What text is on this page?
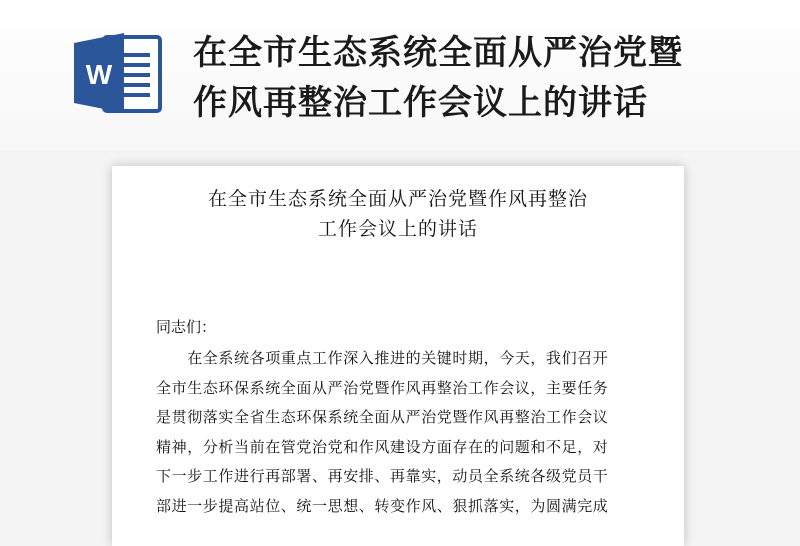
W
在全市生态系统全面从严治党暨
作风再整治工作会议上的讲话
在全市生态系统全面从严治党暨作风再整治
工作会议上的讲话
同志们：
　　在全系统各项重点工作深入推进的关键时期，今天，我们召开
全市生态环保系统全面从严治党暨作风再整治工作会议，主要任务
是贯彻落实全省生态环保系统全面从严治党暨作风再整治工作会议
精神，分析当前在管党治党和作风建设方面存在的问题和不足，对
下一步工作进行再部署、再安排、再靠实，动员全系统各级党员干
部进一步提高站位、统一思想、转变作风、狠抓落实，为圆满完成
